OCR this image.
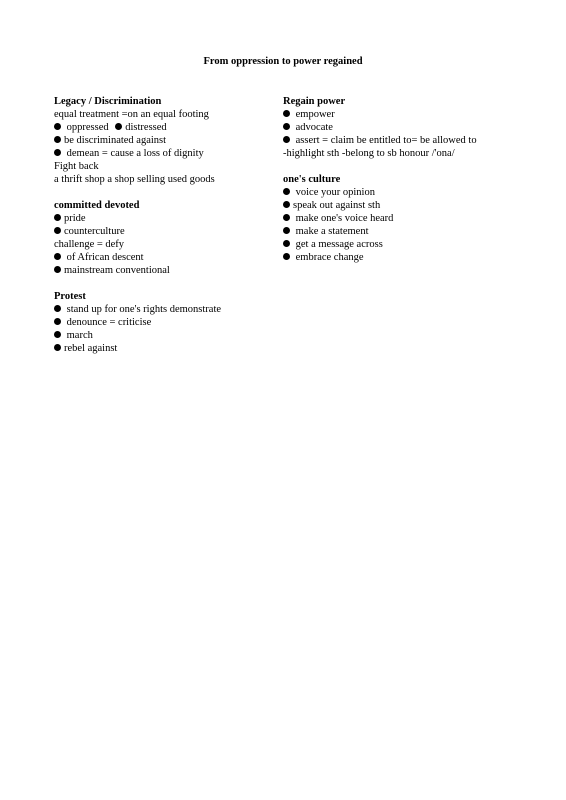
From oppression to power regained
Legacy / Discrimination
equal treatment =on an equal footing
oppressed distressed
be discriminated against
demean = cause a loss of dignity
Fight back
a thrift shop a shop selling used goods
committed devoted
pride
counterculture
challenge = defy
of African descent
mainstream conventional
Protest
stand up for one's rights demonstrate
denounce = criticise
march
rebel against
Regain power
empower
advocate
assert = claim be entitled to= be allowed to
-highlight sth -belong to sb honour /'ona/
one's culture
voice your opinion
speak out against sth
make one's voice heard
make a statement
get a message across
embrace change
